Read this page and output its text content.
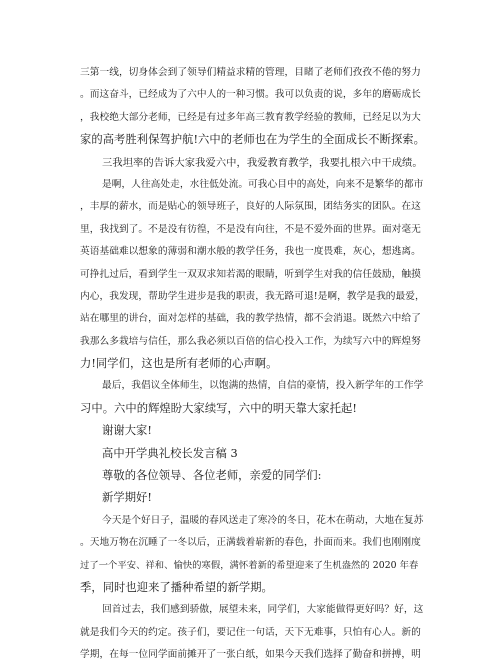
三第一线，切身体会到了领导们精益求精的管理，目睹了老师们孜孜不倦的努力
。而这奋斗，已经成为了六中人的一种习惯。我可以负责的说，多年的磨砺成长
，我校绝大部分老师，已经是有过多年高三教育教学经验的教师，已经足以为大
家的高考胜利保驾护航!六中的老师也在为学生的全面成长不断探索。
三我坦率的告诉大家我爱六中，我爱教育教学，我要扎根六中干成绩。
是啊，人往高处走，水往低处流。可我心目中的高处，向来不是繁华的都市
，丰厚的薪水，而是贴心的领导班子，良好的人际氛围，团结务实的团队。在这
里，我找到了。不是没有彷徨，不是没有向往，不是不爱外面的世界。面对毫无
英语基础难以想象的薄弱和潮水般的教学任务，我也一度畏难，灰心，想逃离。
可挣扎过后，看到学生一双双求知若渴的眼睛，听到学生对我的信任鼓励，触摸
内心，我发现，帮助学生进步是我的职责，我无路可退!是啊，教学是我的最爱，
站在哪里的讲台，面对怎样的基础，我的教学热情，都不会消退。既然六中给了
我那么多栽培与信任，那么我必须以百倍的信心投入工作，为续写六中的辉煌努
力!同学们，这也是所有老师的心声啊。
最后，我倡议全体师生，以饱满的热情，自信的豪情，投入新学年的工作学
习中。六中的辉煌盼大家续写，六中的明天靠大家托起!
谢谢大家!
高中开学典礼校长发言稿 3
尊敬的各位领导、各位老师，亲爱的同学们:
新学期好!
今天是个好日子，温暖的春风送走了寒冷的冬日，花木在萌动，大地在复苏
。天地万物在沉睡了一冬以后，正满载着崭新的春色，扑面而来。我们也刚刚度
过了一个平安、祥和、愉快的寒假，满怀着新的希望迎来了生机盎然的 2020 年春
季，同时也迎来了播种希望的新学期。
回首过去，我们感到骄傲，展望未来，同学们，大家能做得更好吗？好，这
就是我们今天的约定。孩子们，要记住一句话，天下无难事，只怕有心人。新的
学期，在每一位同学面前摊开了一张白纸，如果今天我们选择了勤奋和拼搏，明
